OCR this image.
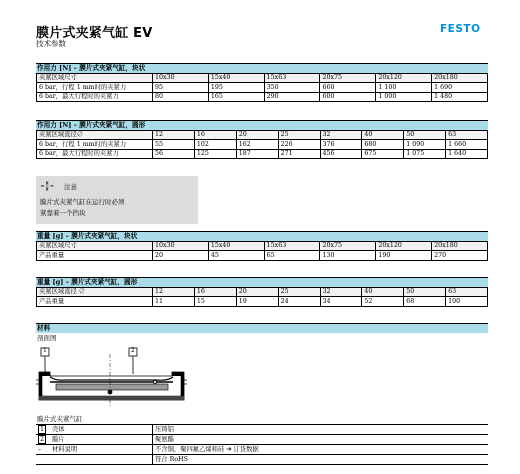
膜片式夹紧气缸 EV
技术参数
FESTO
作用力 [N] – 膜片式夹紧气缸，块状
夹紧区域尺寸	10x30	15x40	15x63	20x75	20x120	20x180
6 bar，行程 1 mm时的夹紧力	95	195	350	660	1 100	1 690
6 bar，最大行程时的夹紧力	80	165	290	600	1 000	1 480
作用力 [N] – 膜片式夹紧气缸，圆形
夹紧区域直径∅	12	16	20	25	32	40	50	63
6 bar，行程 1 mm时的夹紧力	55	102	162	226	376	680	1 090	1 660
6 bar，最大行程时的夹紧力	56	125	187	271	456	675	1 075	1 640
注意
膜片式夹紧气缸在运行时必须
紧靠着一个挡块
重量 [g] – 膜片式夹紧气缸，块状
夹紧区域尺寸	10x30	15x40	15x63	20x75	20x120	20x180
产品重量	20	45	65	130	190	270
重量 [g] – 膜片式夹紧气缸，圆形
夹紧区域直径 ∅	12	16	20	25	32	40	50	63
产品重量	11	15	19	24	34	52	68	100
材料
剖面图
1	2
膜片式夹紧气缸
1	壳体	压铸铝
2	膜片	聚氨酯
–	材料说明	不含铜，聚四氟乙烯和硅 ➔ 订货数据
		符合 RoHS
